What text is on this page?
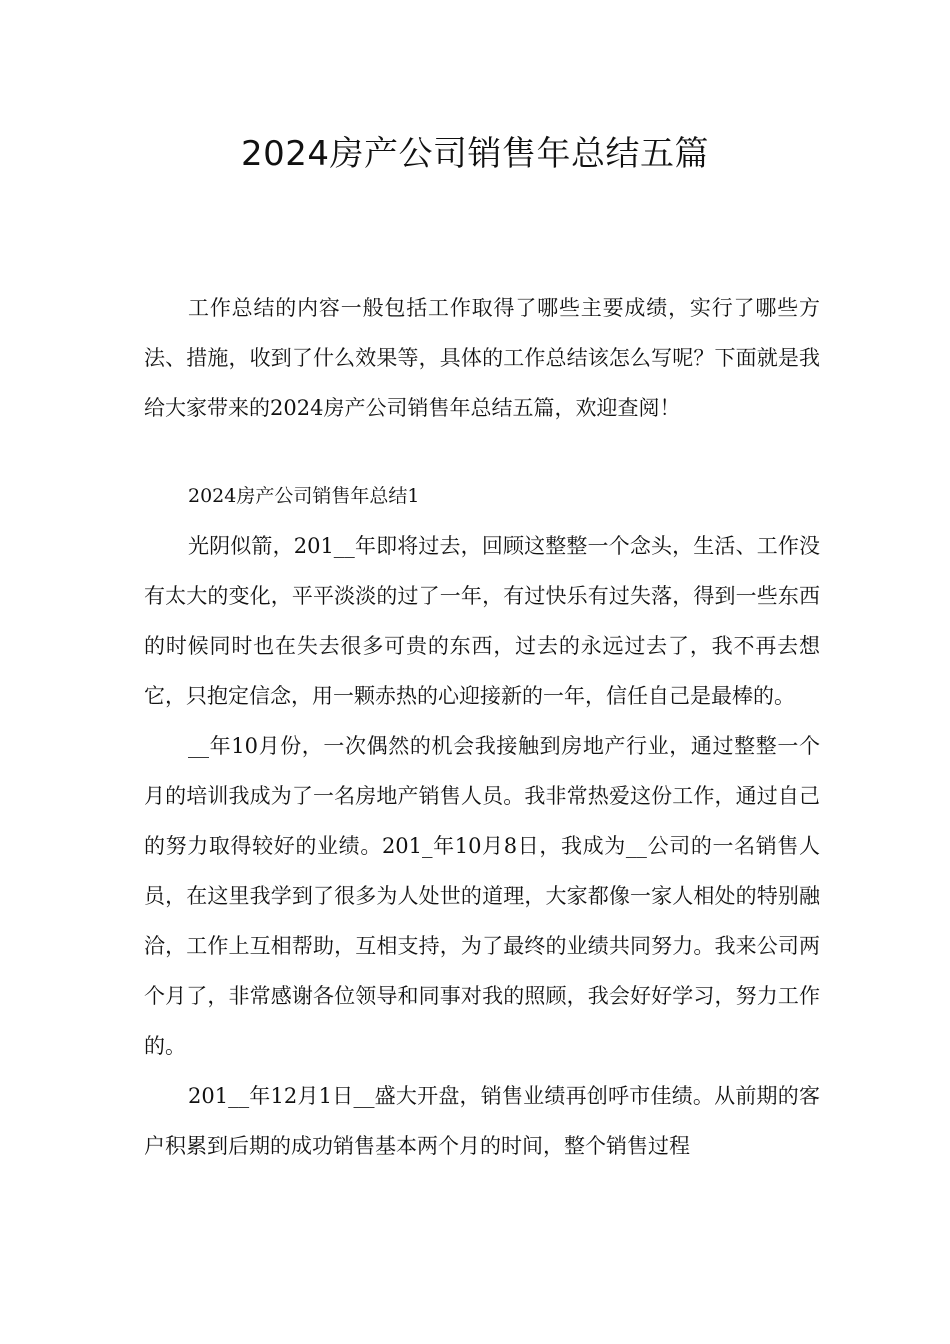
2024房产公司销售年总结五篇

工作总结的内容一般包括工作取得了哪些主要成绩，实行了哪些方法、措施，收到了什么效果等，具体的工作总结该怎么写呢？下面就是我给大家带来的2024房产公司销售年总结五篇，欢迎查阅！

2024房产公司销售年总结1

光阴似箭，201__年即将过去，回顾这整整一个念头，生活、工作没有太大的变化，平平淡淡的过了一年，有过快乐有过失落，得到一些东西的时候同时也在失去很多可贵的东西，过去的永远过去了，我不再去想它，只抱定信念，用一颗赤热的心迎接新的一年，信任自己是最棒的。

__年10月份，一次偶然的机会我接触到房地产行业，通过整整一个月的培训我成为了一名房地产销售人员。我非常热爱这份工作，通过自己的努力取得较好的业绩。201_年10月8日，我成为__公司的一名销售人员，在这里我学到了很多为人处世的道理，大家都像一家人相处的特别融洽，工作上互相帮助，互相支持，为了最终的业绩共同努力。我来公司两个月了，非常感谢各位领导和同事对我的照顾，我会好好学习，努力工作的。

201__年12月1日__盛大开盘，销售业绩再创呼市佳绩。从前期的客户积累到后期的成功销售基本两个月的时间，整个销售过程
